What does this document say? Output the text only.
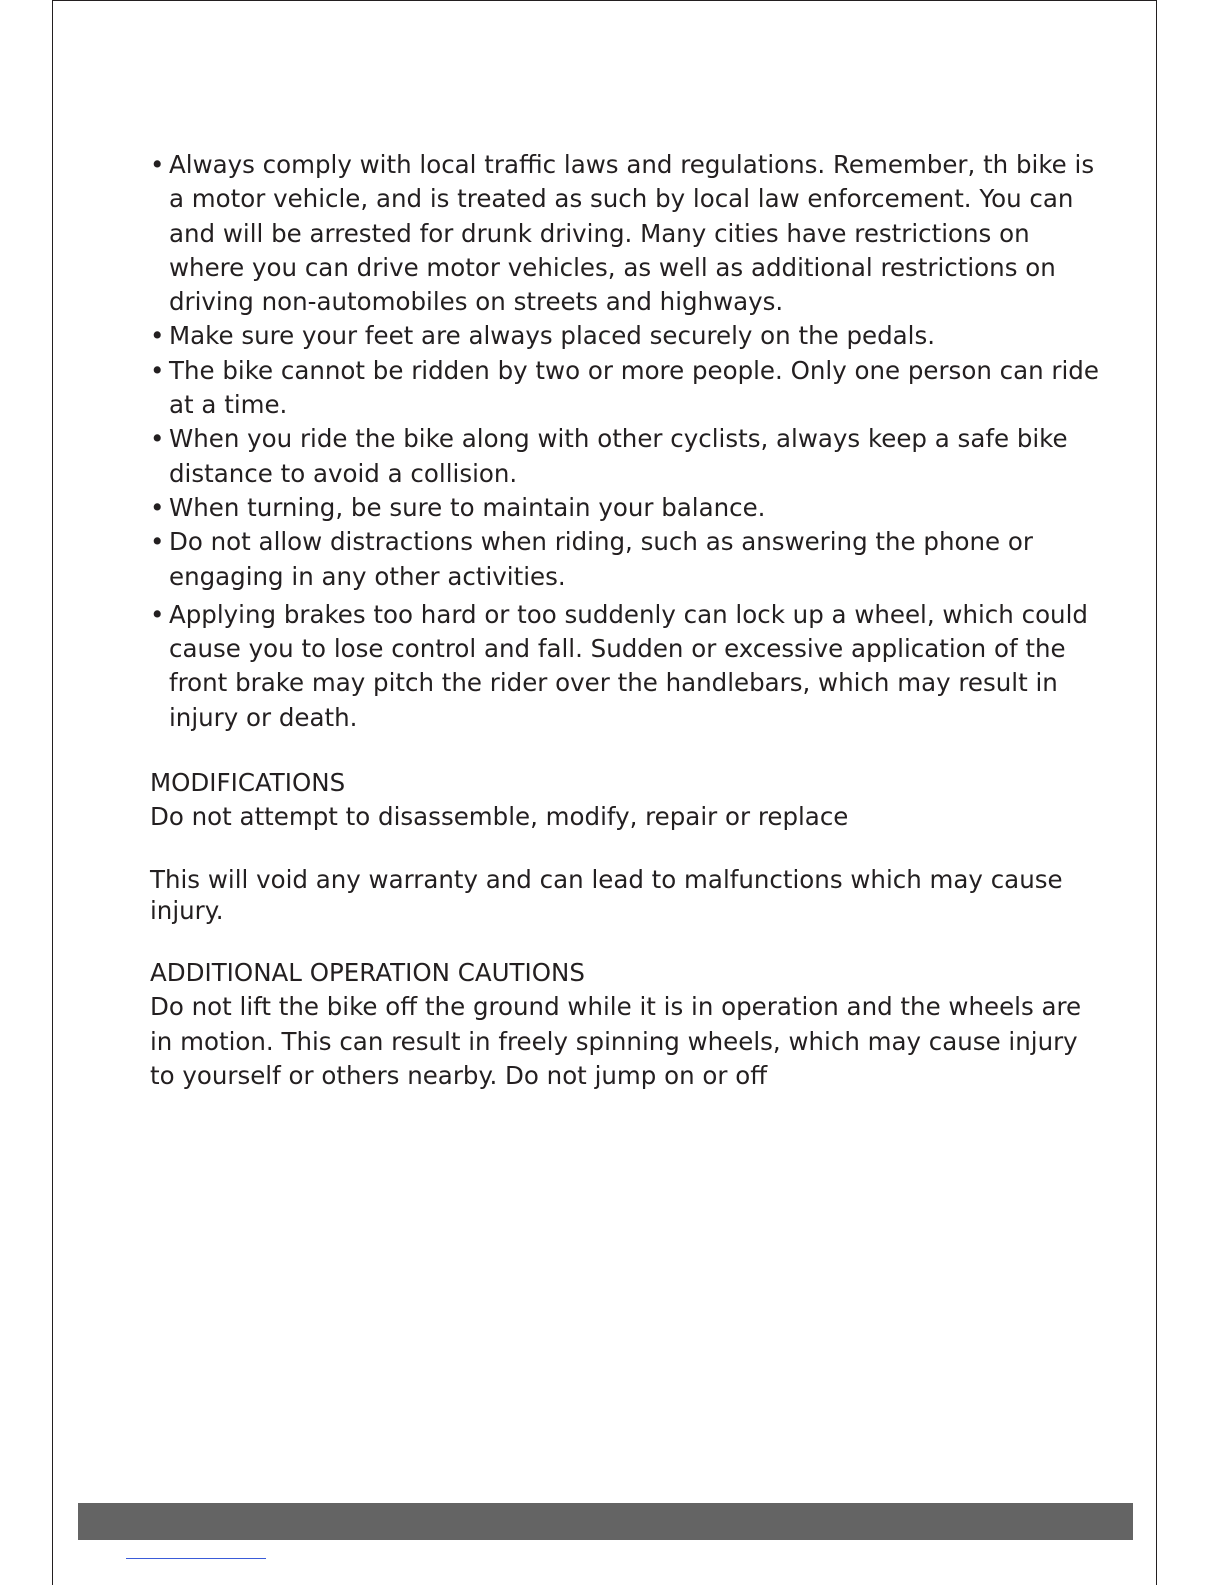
• Always comply with local traffic laws and regulations. Remember, th bike is a motor vehicle, and is treated as such by local law enforcement. You can and will be arrested for drunk driving. Many cities have restrictions on where you can drive motor vehicles, as well as additional restrictions on driving non-automobiles on streets and highways.
• Make sure your feet are always placed securely on the pedals.
• The bike cannot be ridden by two or more people. Only one person can ride at a time.
• When you ride the bike along with other cyclists, always keep a safe bike distance to avoid a collision.
• When turning, be sure to maintain your balance.
• Do not allow distractions when riding, such as answering the phone or engaging in any other activities.
• Applying brakes too hard or too suddenly can lock up a wheel, which could cause you to lose control and fall. Sudden or excessive application of the front brake may pitch the rider over the handlebars, which may result in injury or death.
MODIFICATIONS

Do not attempt to disassemble, modify, repair or replace

This will void any warranty and can lead to malfunctions which may cause injury.

ADDITIONAL OPERATION CAUTIONS

Do not lift the bike off the ground while it is in operation and the wheels are in motion. This can result in freely spinning wheels, which may cause injury to yourself or others nearby. Do not jump on or off
